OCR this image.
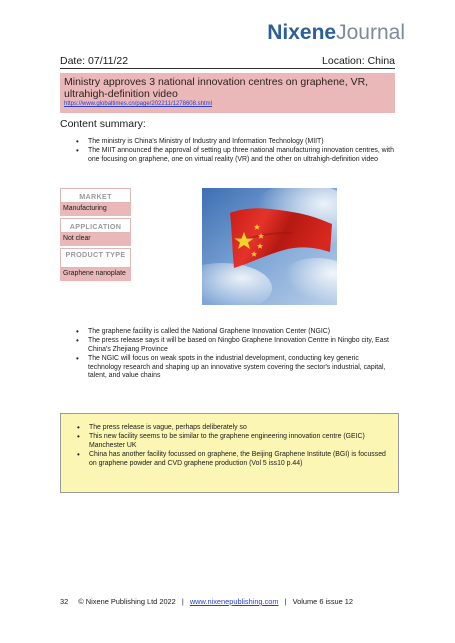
NixeneJournal
Date: 07/11/22	Location: China
Ministry approves 3 national innovation centres on graphene, VR, ultrahigh-definition video
https://www.globaltimes.cn/page/202211/1278608.shtml
Content summary:
• The ministry is China's Ministry of Industry and Information Technology (MIIT)
• The MIIT announced the approval of setting up three national manufacturing innovation centres, with one focusing on graphene, one on virtual reality (VR) and the other on ultrahigh-definition video
MARKET
Manufacturing
APPLICATION
Not clear
PRODUCT TYPE
Graphene nanoplate
• The graphene facility is called the National Graphene Innovation Center (NGIC)
• The press release says it will be based on Ningbo Graphene Innovation Centre in Ningbo city, East China's Zhejiang Province
• The NGIC will focus on weak spots in the industrial development, conducting key generic technology research and shaping up an innovative system covering the sector's industrial, capital, talent, and value chains
• The press release is vague, perhaps deliberately so
• This new facility seems to be similar to the graphene engineering innovation centre (GEIC) Manchester UK
• China has another facility focussed on graphene, the Beijing Graphene Institute (BGI) is focussed on graphene powder and CVD graphene production (Vol 5 iss10 p.44)
32 © Nixene Publishing Ltd 2022 | www.nixenepublishing.com | Volume 6 issue 12
